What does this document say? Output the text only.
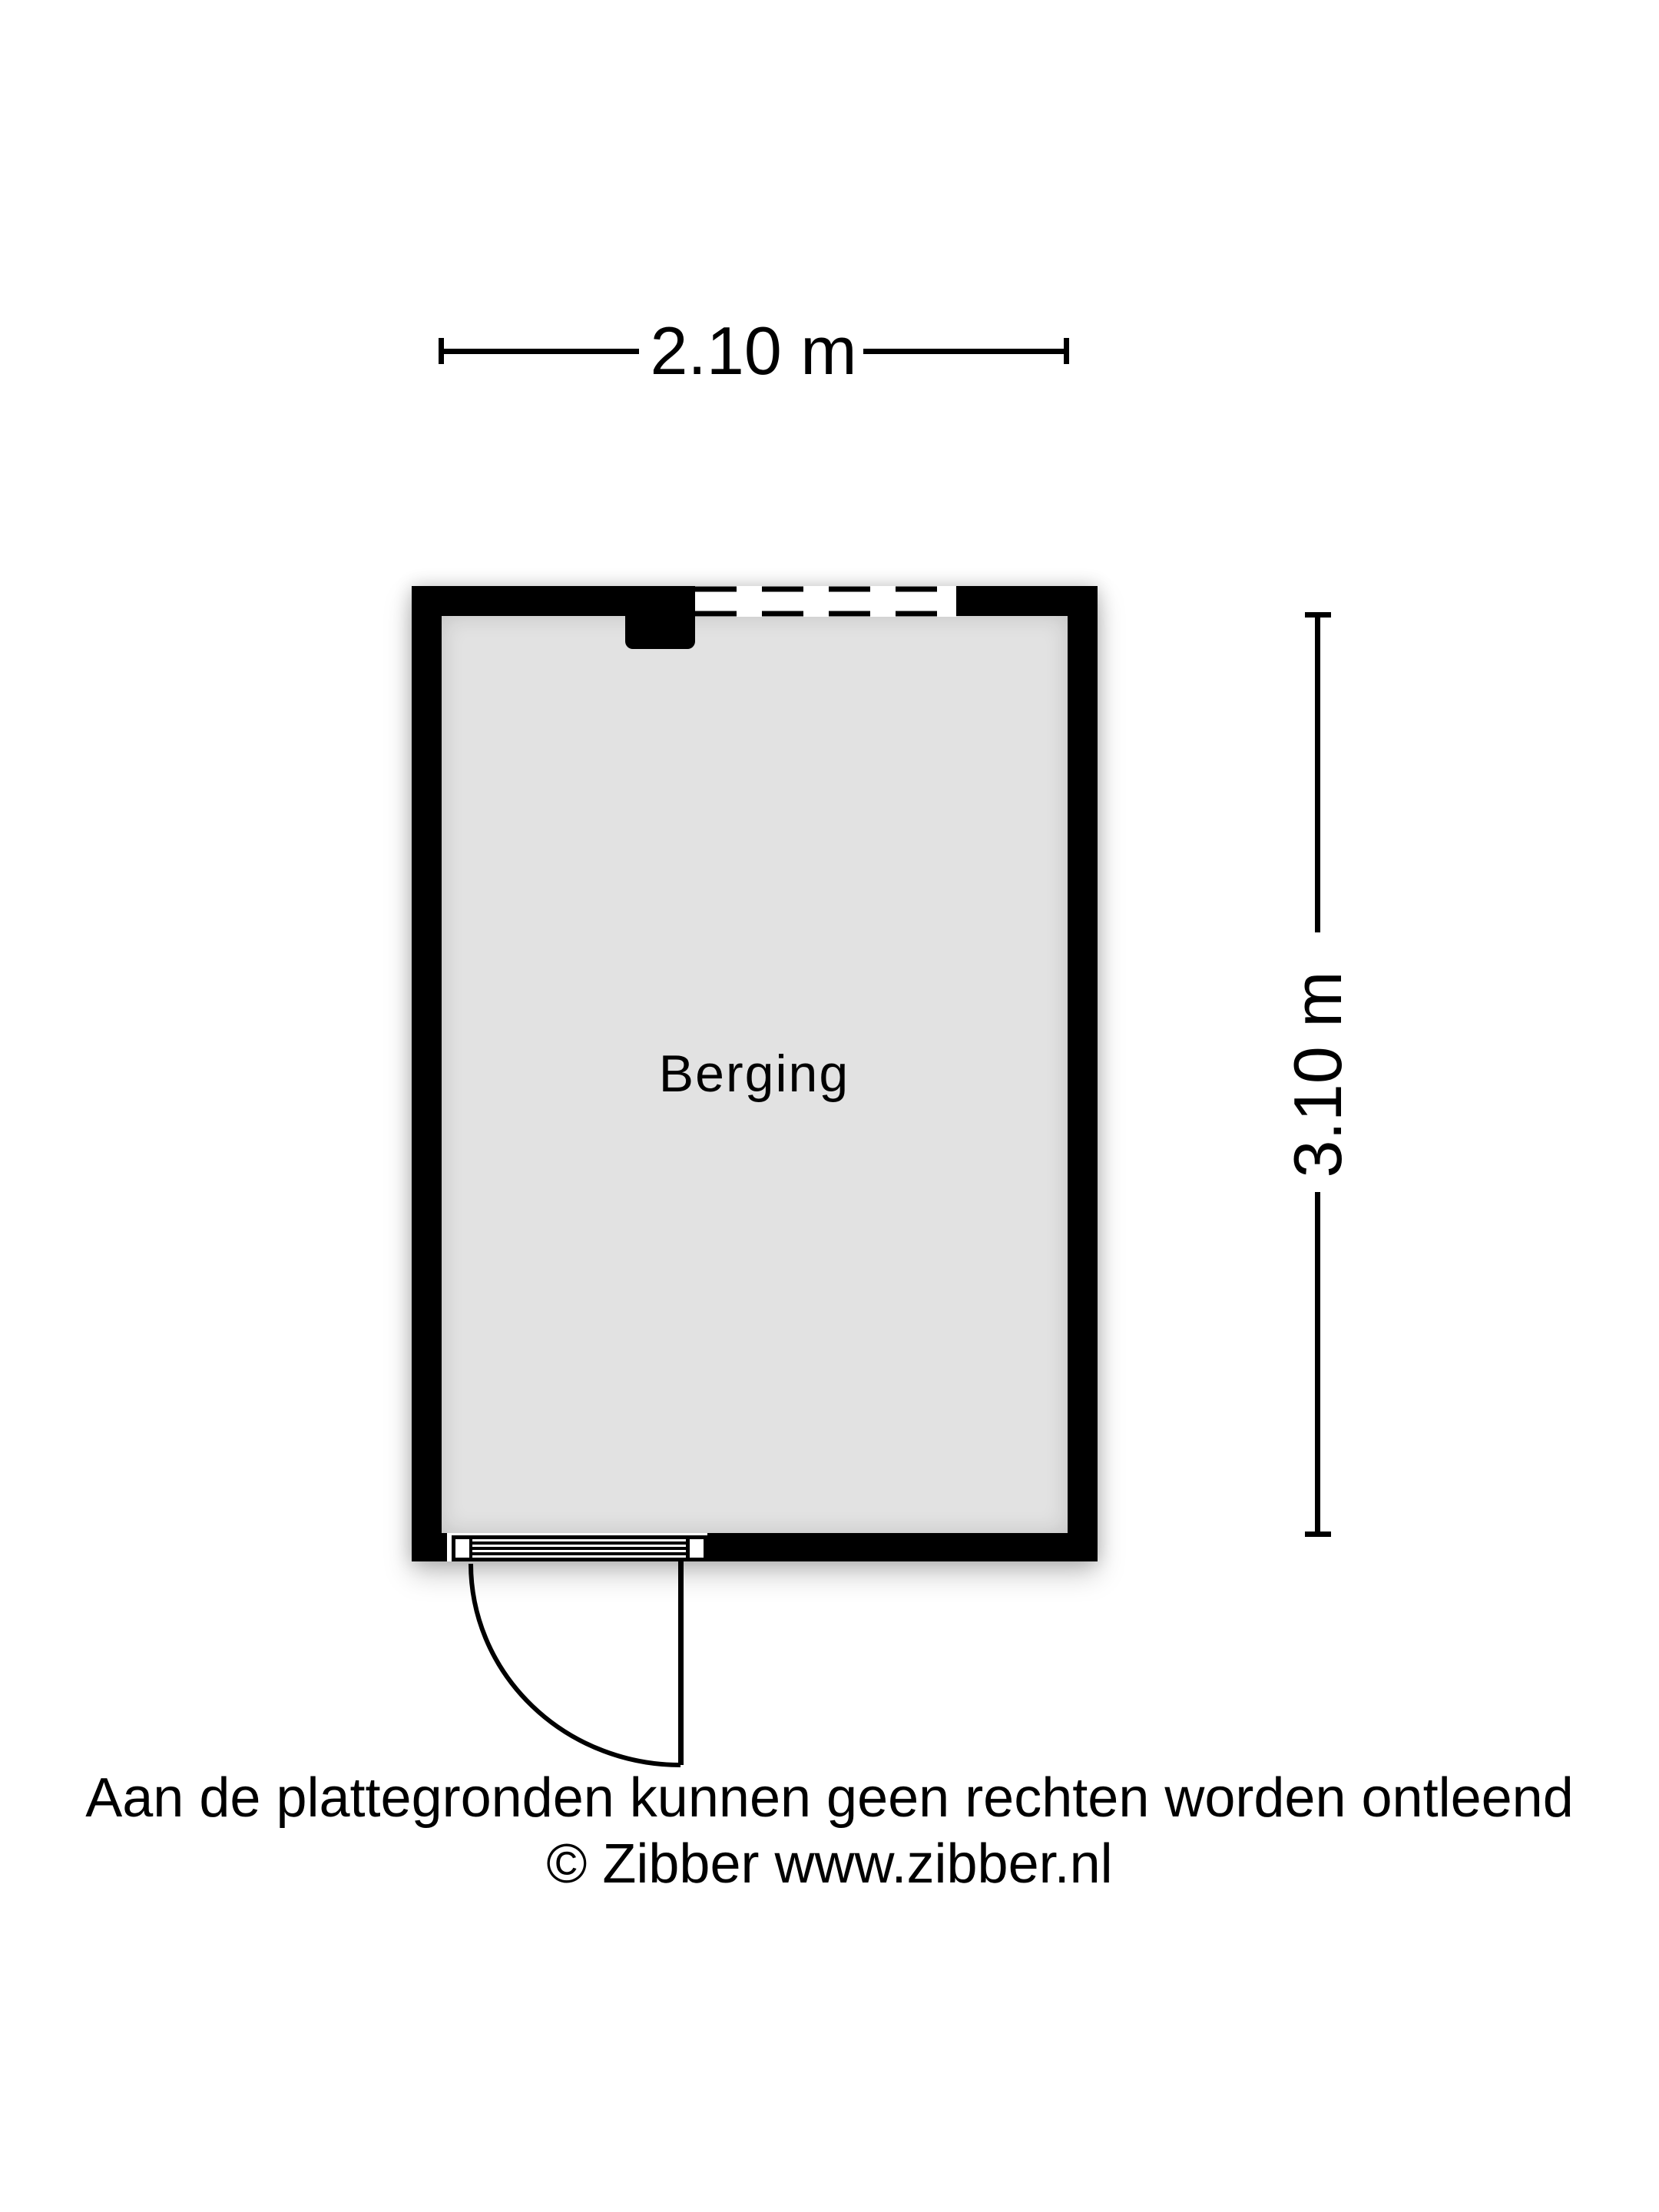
2.10 m
3.10 m
Berging
Aan de plattegronden kunnen geen rechten worden ontleend
© Zibber www.zibber.nl
